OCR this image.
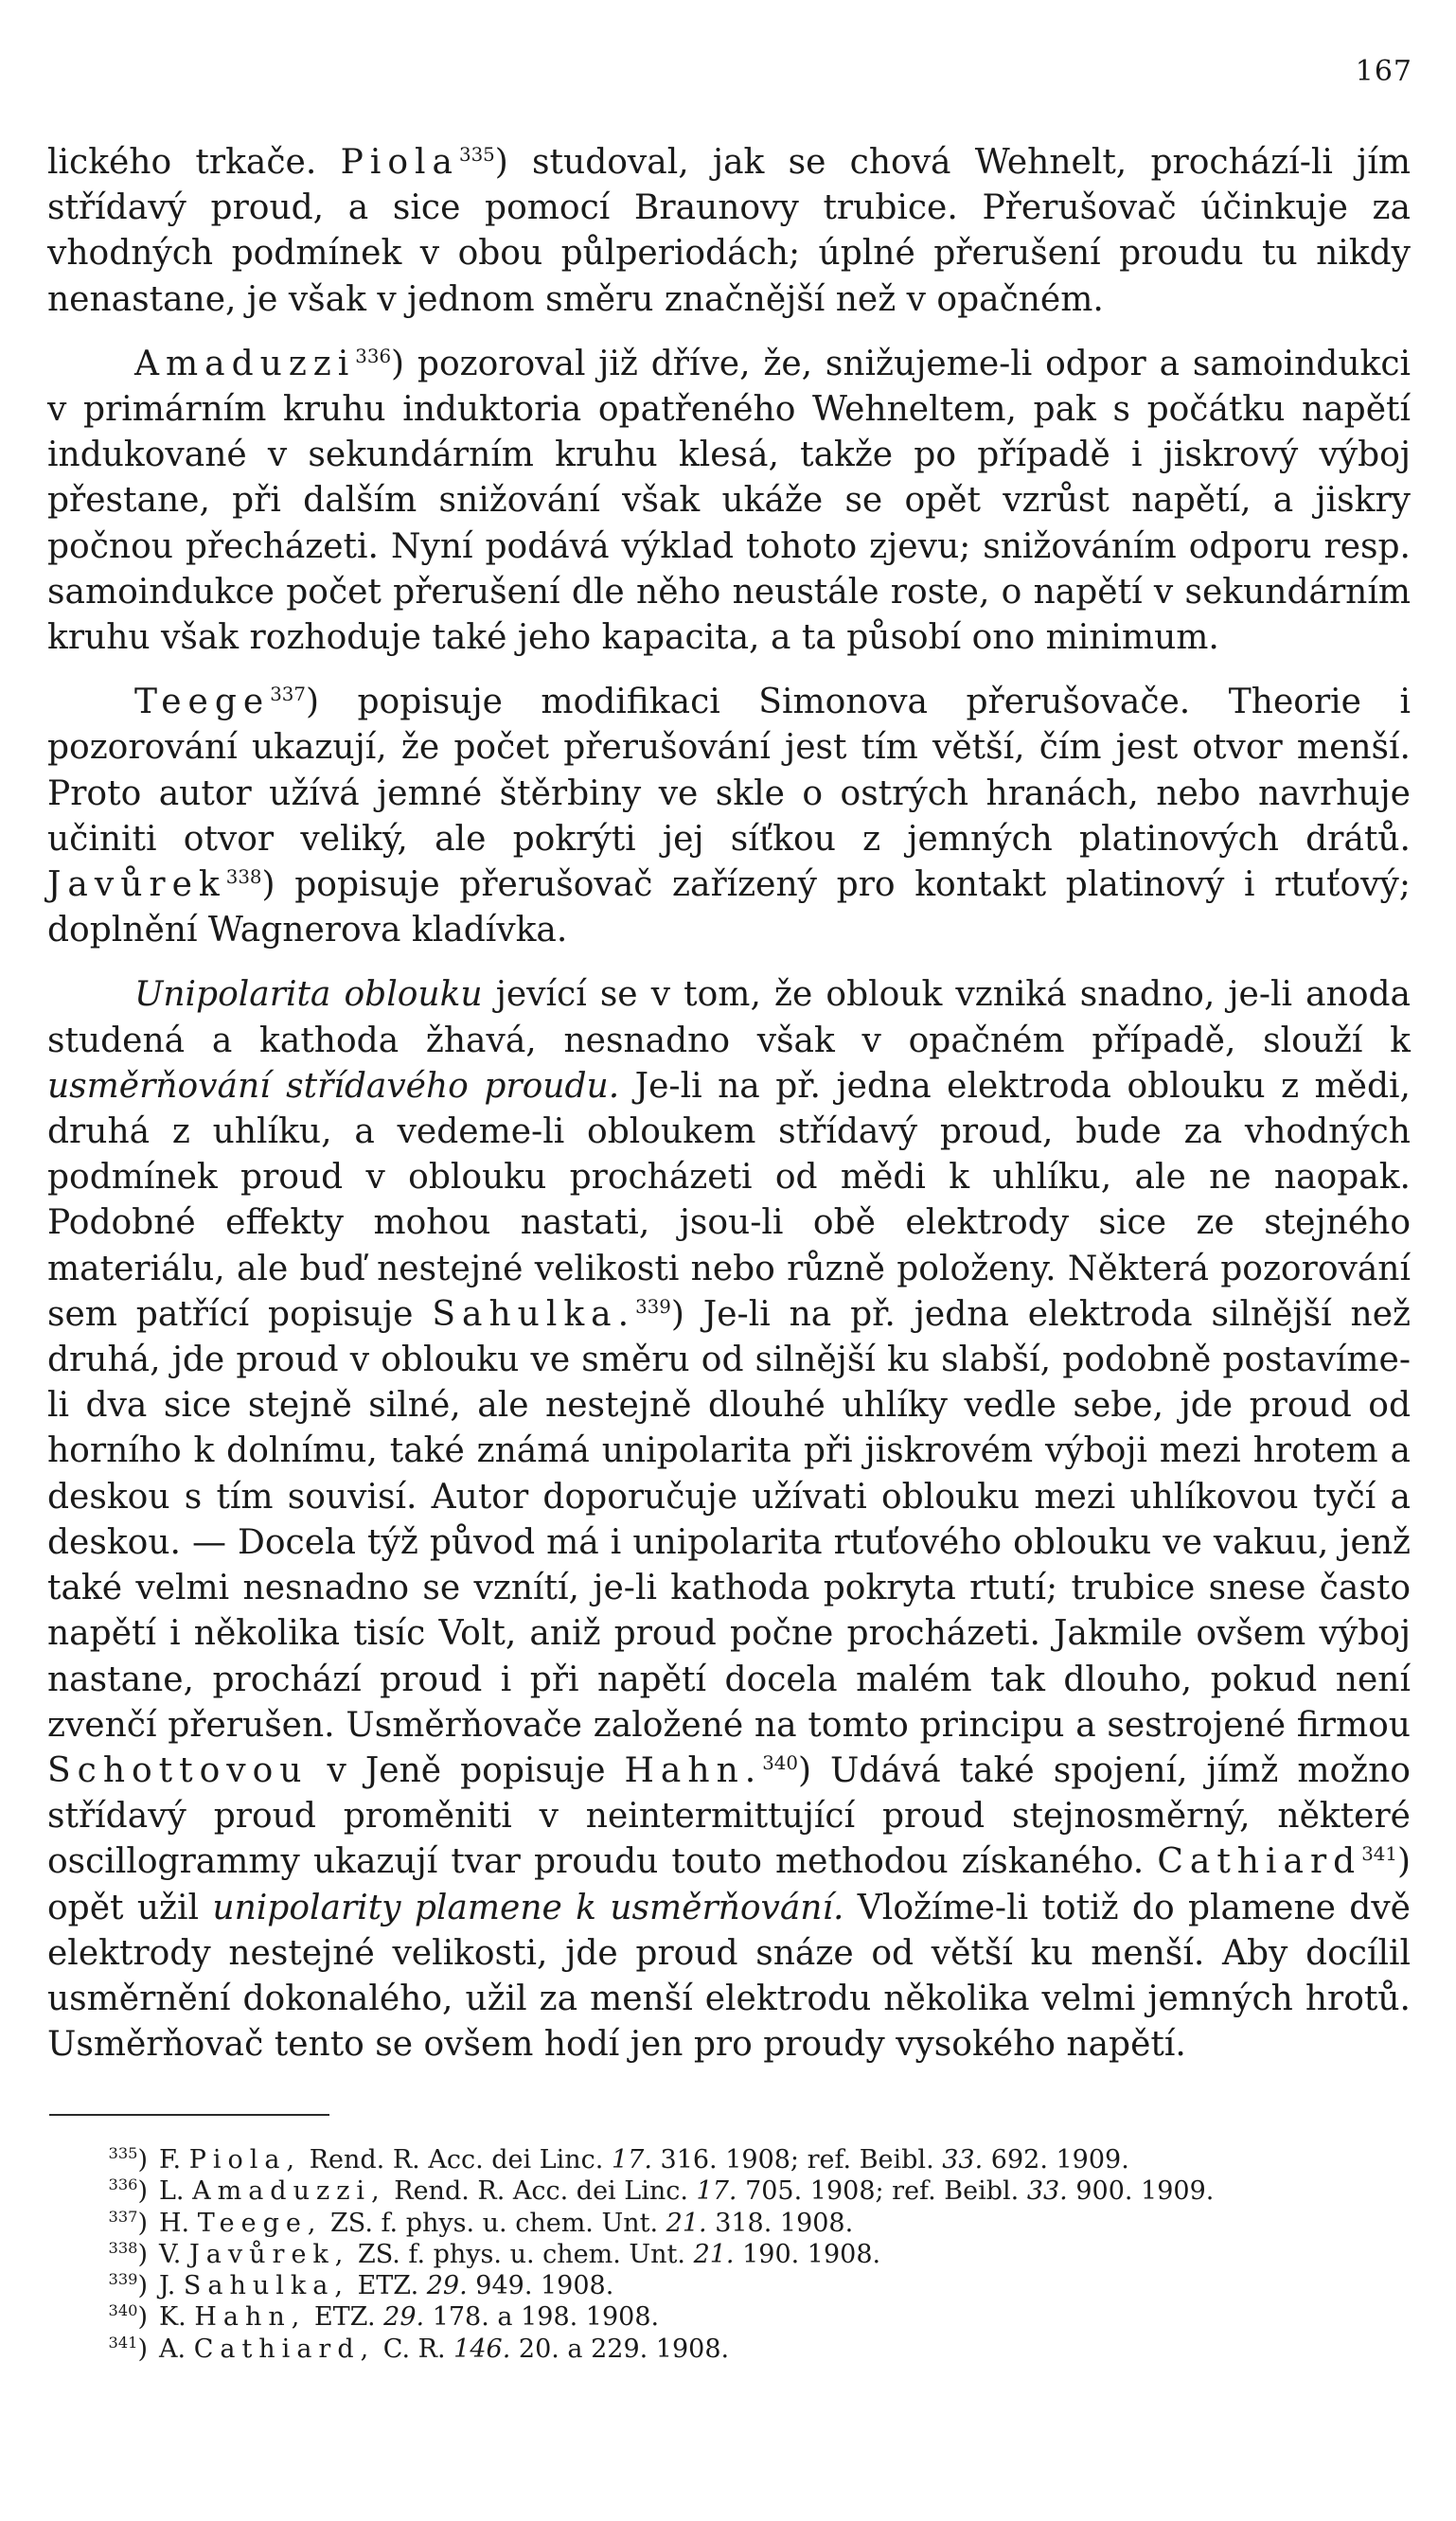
167

lického trkače. Piola$^{335}$) studoval, jak se chová Wehnelt, prochází-li jím střídavý proud, a sice pomocí Braunovy trubice. Přerušovač účinkuje za vhodných podmínek v obou půlperiodách; úplné přerušení proudu tu nikdy nenastane, je však v jednom směru značnější než v opačném.

Amaduzzi$^{336}$) pozoroval již dříve, že, snižujeme-li odpor a samoindukci v primárním kruhu induktoria opatřeného Wehneltem, pak s počátku napětí indukované v sekundárním kruhu klesá, takže po případě i jiskrový výboj přestane, při dalším snižování však ukáže se opět vzrůst napětí, a jiskry počnou přecházeti. Nyní podává výklad tohoto zjevu; snižováním odporu resp. samoindukce počet přerušení dle něho neustále roste, o napětí v sekundárním kruhu však rozhoduje také jeho kapacita, a ta působí ono minimum.

Teege$^{337}$) popisuje modifikaci Simonova přerušovače. Theorie i pozorování ukazují, že počet přerušování jest tím větší, čím jest otvor menší. Proto autor užívá jemné štěrbiny ve skle o ostrých hranách, nebo navrhuje učiniti otvor veliký, ale pokrýti jej síťkou z jemných platinových drátů. Javůrek$^{338}$) popisuje přerušovač zařízený pro kontakt platinový i rtuťový; doplnění Wagnerova kladívka.

Unipolarita oblouku jevící se v tom, že oblouk vzniká snadno, je-li anoda studená a kathoda žhavá, nesnadno však v opačném případě, slouží k usměrňování střídavého proudu. Je-li na př. jedna elektroda oblouku z mědi, druhá z uhlíku, a vedeme-li obloukem střídavý proud, bude za vhodných podmínek proud v oblouku procházeti od mědi k uhlíku, ale ne naopak. Podobné effekty mohou nastati, jsou-li obě elektrody sice ze stejného materiálu, ale buď nestejné velikosti nebo různě položeny. Některá pozorování sem patřící popisuje Sahulka.$^{339}$) Je-li na př. jedna elektroda silnější než druhá, jde proud v oblouku ve směru od silnější ku slabší, podobně postavíme-li dva sice stejně silné, ale nestejně dlouhé uhlíky vedle sebe, jde proud od horního k dolnímu, také známá unipolarita při jiskrovém výboji mezi hrotem a deskou s tím souvisí. Autor doporučuje užívati oblouku mezi uhlíkovou tyčí a deskou. — Docela týž původ má i unipolarita rtuťového oblouku ve vakuu, jenž také velmi nesnadno se vznítí, je-li kathoda pokryta rtutí; trubice snese často napětí i několika tisíc Volt, aniž proud počne procházeti. Jakmile ovšem výboj nastane, prochází proud i při napětí docela malém tak dlouho, pokud není zvenčí přerušen. Usměrňovače založené na tomto principu a sestrojené firmou Schottovou v Jeně popisuje Hahn.$^{340}$) Udává také spojení, jímž možno střídavý proud proměniti v neintermittující proud stejnosměrný, některé oscillogrammy ukazují tvar proudu touto methodou získaného. Cathiard$^{341}$) opět užil unipolarity plamene k usměrňování. Vložíme-li totiž do plamene dvě elektrody nestejné velikosti, jde proud snáze od větší ku menší. Aby docílil usměrnění dokonalého, užil za menší elektrodu několika velmi jemných hrotů. Usměrňovač tento se ovšem hodí jen pro proudy vysokého napětí.

$^{335}$) F. Piola, Rend. R. Acc. dei Linc. 17. 316. 1908; ref. Beibl. 33. 692. 1909.

$^{336}$) L. Amaduzzi, Rend. R. Acc. dei Linc. 17. 705. 1908; ref. Beibl. 33. 900. 1909.

$^{337}$) H. Teege, ZS. f. phys. u. chem. Unt. 21. 318. 1908.

$^{338}$) V. Javůrek, ZS. f. phys. u. chem. Unt. 21. 190. 1908.

$^{339}$) J. Sahulka, ETZ. 29. 949. 1908.

$^{340}$) K. Hahn, ETZ. 29. 178. a 198. 1908.

$^{341}$) A. Cathiard, C. R. 146. 20. a 229. 1908.
